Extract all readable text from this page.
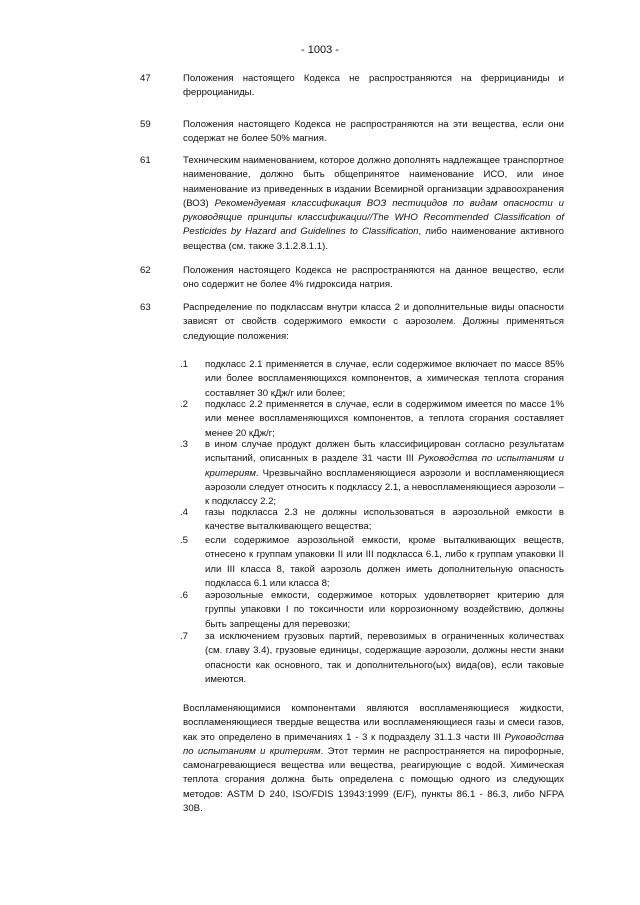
- 1003 -
47	Положения настоящего Кодекса не распространяются на феррицианиды и ферроцианиды.
59	Положения настоящего Кодекса не распространяются на эти вещества, если они содержат не более 50% магния.
61	Техническим наименованием, которое должно дополнять надлежащее транспортное наименование, должно быть общепринятое наименование ИСО, или иное наименование из приведенных в издании Всемирной организации здравоохранения (ВОЗ) Рекомендуемая классификация ВОЗ пестицидов по видам опасности и руководящие принципы классификации//The WHO Recommended Classification of Pesticides by Hazard and Guidelines to Classification, либо наименование активного вещества (см. также 3.1.2.8.1.1).
62	Положения настоящего Кодекса не распространяются на данное вещество, если оно содержит не более 4% гидроксида натрия.
63	Распределение по подклассам внутри класса 2 и дополнительные виды опасности зависят от свойств содержимого емкости с аэрозолем. Должны применяться следующие положения:
.1 подкласс 2.1 применяется в случае, если содержимое включает по массе 85% или более воспламеняющихся компонентов, а химическая теплота сгорания составляет 30 кДж/г или более;
.2 подкласс 2.2 применяется в случае, если в содержимом имеется по массе 1% или менее воспламеняющихся компонентов, а теплота сгорания составляет менее 20 кДж/г;
.3 в ином случае продукт должен быть классифицирован согласно результатам испытаний, описанных в разделе 31 части III Руководства по испытаниям и критериям. Чрезвычайно воспламеняющиеся аэрозоли и воспламеняющиеся аэрозоли следует относить к подклассу 2.1, а невоспламеняющиеся аэрозоли – к подклассу 2.2;
.4 газы подкласса 2.3 не должны использоваться в аэрозольной емкости в качестве выталкивающего вещества;
.5 если содержимое аэрозольной емкости, кроме выталкивающих веществ, отнесено к группам упаковки II или III подкласса 6.1, либо к группам упаковки II или III класса 8, такой аэрозоль должен иметь дополнительную опасность подкласса 6.1 или класса 8;
.6 аэрозольные емкости, содержимое которых удовлетворяет критерию для группы упаковки I по токсичности или коррозионному воздействию, должны быть запрещены для перевозки;
.7 за исключением грузовых партий, перевозимых в ограниченных количествах (см. главу 3.4), грузовые единицы, содержащие аэрозоли, должны нести знаки опасности как основного, так и дополнительного(ых) вида(ов), если таковые имеются.
Воспламеняющимися компонентами являются воспламеняющиеся жидкости, воспламеняющиеся твердые вещества или воспламеняющиеся газы и смеси газов, как это определено в примечаниях 1 - 3 к подразделу 31.1.3 части III Руководства по испытаниям и критериям. Этот термин не распространяется на пирофорные, самонагревающиеся вещества или вещества, реагирующие с водой. Химическая теплота сгорания должна быть определена с помощью одного из следующих методов: ASTM D 240, ISO/FDIS 13943:1999 (E/F), пункты 86.1 - 86.3, либо NFPA 30B.
